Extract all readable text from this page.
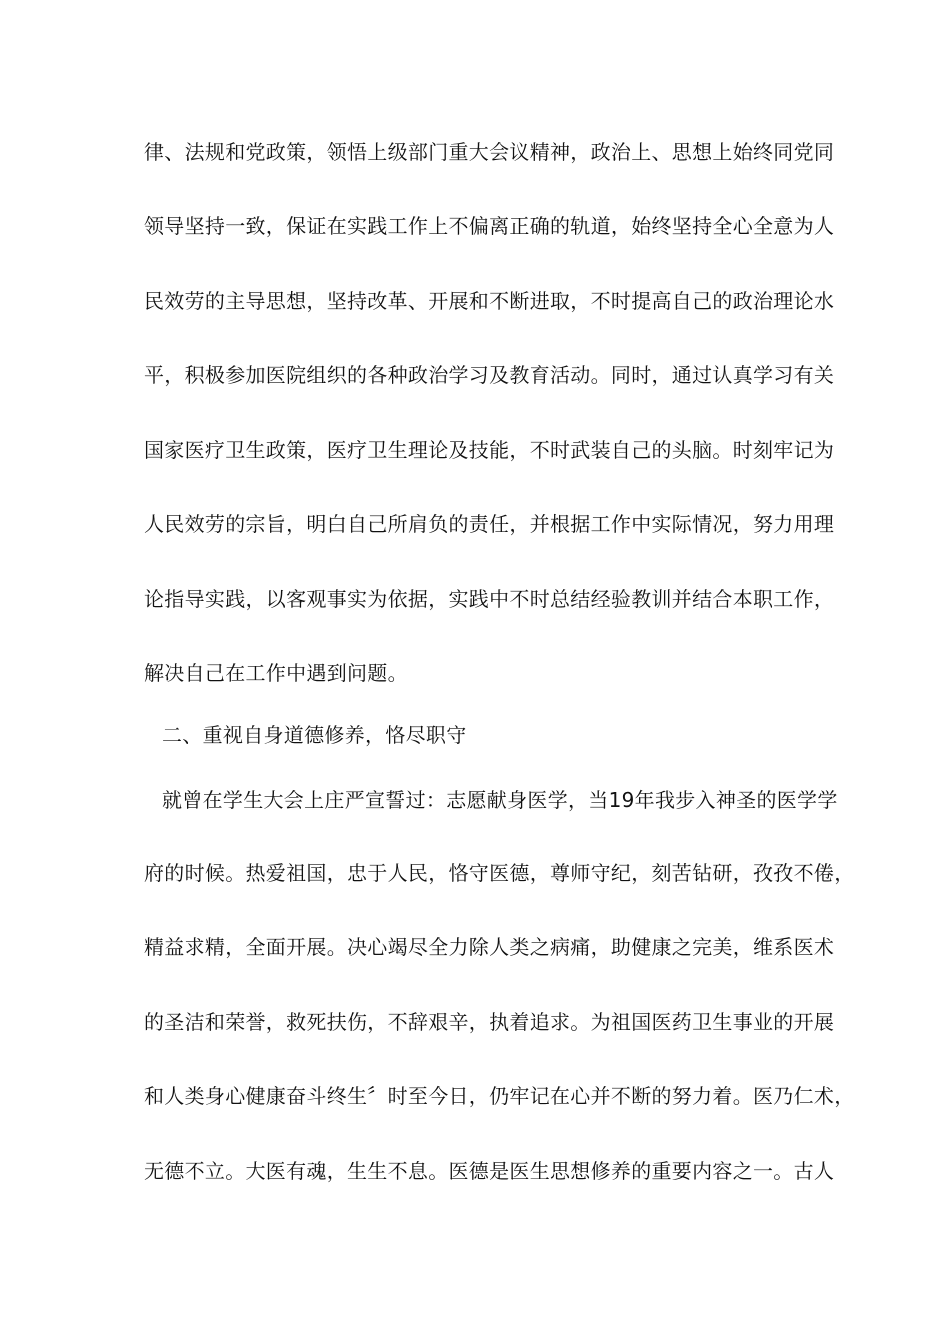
律、法规和党政策，领悟上级部门重大会议精神，政治上、思想上始终同党同
领导坚持一致，保证在实践工作上不偏离正确的轨道，始终坚持全心全意为人
民效劳的主导思想，坚持改革、开展和不断进取，不时提高自己的政治理论水
平，积极参加医院组织的各种政治学习及教育活动。同时，通过认真学习有关
国家医疗卫生政策，医疗卫生理论及技能，不时武装自己的头脑。时刻牢记为
人民效劳的宗旨，明白自己所肩负的责任，并根据工作中实际情况，努力用理
论指导实践，以客观事实为依据，实践中不时总结经验教训并结合本职工作，
解决自己在工作中遇到问题。
二、重视自身道德修养，恪尽职守
就曾在学生大会上庄严宣誓过：志愿献身医学，当19年我步入神圣的医学学
府的时候。热爱祖国，忠于人民，恪守医德，尊师守纪，刻苦钻研，孜孜不倦，
精益求精，全面开展。决心竭尽全力除人类之病痛，助健康之完美，维系医术
的圣洁和荣誉，救死扶伤，不辞艰辛，执着追求。为祖国医药卫生事业的开展
和人类身心健康奋斗终生〞时至今日，仍牢记在心并不断的努力着。医乃仁术，
无德不立。大医有魂，生生不息。医德是医生思想修养的重要内容之一。古人
